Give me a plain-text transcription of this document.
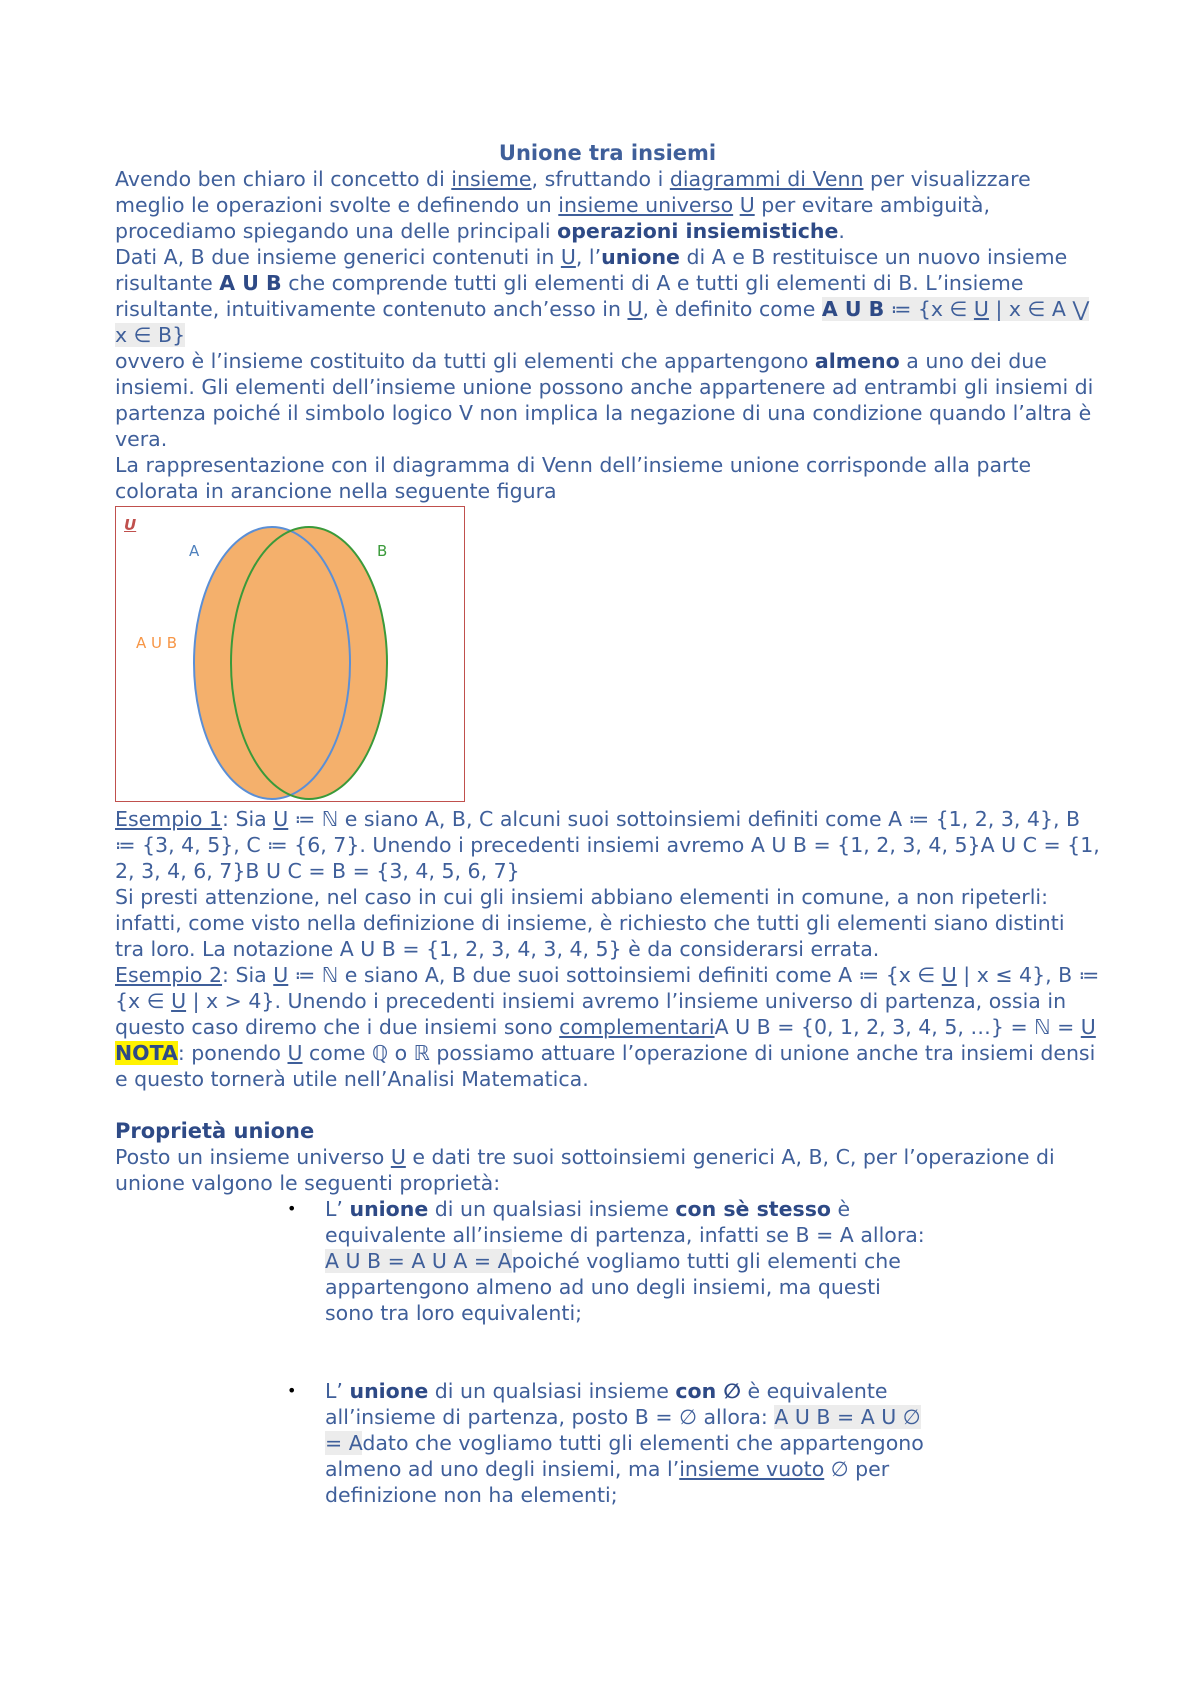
Unione tra insiemi

Avendo ben chiaro il concetto di insieme, sfruttando i diagrammi di Venn per visualizzare meglio le operazioni svolte e definendo un insieme universo U per evitare ambiguità, procediamo spiegando una delle principali operazioni insiemistiche.

Dati A, B due insieme generici contenuti in U, l’unione di A e B restituisce un nuovo insieme risultante A U B che comprende tutti gli elementi di A e tutti gli elementi di B. L’insieme risultante, intuitivamente contenuto anch’esso in U, è definito come A U B ≔ {x ∈ U | x ∈ A ⋁ x ∈ B}

ovvero è l’insieme costituito da tutti gli elementi che appartengono almeno a uno dei due insiemi. Gli elementi dell’insieme unione possono anche appartenere ad entrambi gli insiemi di partenza poiché il simbolo logico V non implica la negazione di una condizione quando l’altra è vera.

La rappresentazione con il diagramma di Venn dell’insieme unione corrisponde alla parte colorata in arancione nella seguente figura

U
A	B
A U B

Esempio 1: Sia U ≔ ℕ e siano A, B, C alcuni suoi sottoinsiemi definiti come A ≔ {1, 2, 3, 4}, B ≔ {3, 4, 5}, C ≔ {6, 7}. Unendo i precedenti insiemi avremo A U B = {1, 2, 3, 4, 5}A U C = {1, 2, 3, 4, 6, 7}B U C = B = {3, 4, 5, 6, 7}

Si presti attenzione, nel caso in cui gli insiemi abbiano elementi in comune, a non ripeterli: infatti, come visto nella definizione di insieme, è richiesto che tutti gli elementi siano distinti tra loro. La notazione A U B = {1, 2, 3, 4, 3, 4, 5} è da considerarsi errata.

Esempio 2: Sia U ≔ ℕ e siano A, B due suoi sottoinsiemi definiti come A ≔ {x ∈ U | x ≤ 4}, B ≔ {x ∈ U | x > 4}. Unendo i precedenti insiemi avremo l’insieme universo di partenza, ossia in questo caso diremo che i due insiemi sono complementariA U B = {0, 1, 2, 3, 4, 5, …} = ℕ = U

NOTA: ponendo U come ℚ o ℝ possiamo attuare l’operazione di unione anche tra insiemi densi e questo tornerà utile nell’Analisi Matematica.

Proprietà unione

Posto un insieme universo U e dati tre suoi sottoinsiemi generici A, B, C, per l’operazione di unione valgono le seguenti proprietà:

• L’ unione di un qualsiasi insieme con sè stesso è equivalente all’insieme di partenza, infatti se B = A allora: A U B = A U A = Apoiché vogliamo tutti gli elementi che appartengono almeno ad uno degli insiemi, ma questi sono tra loro equivalenti;
• L’ unione di un qualsiasi insieme con ∅ è equivalente all’insieme di partenza, posto B = ∅ allora: A U B = A U ∅ = Adato che vogliamo tutti gli elementi che appartengono almeno ad uno degli insiemi, ma l’insieme vuoto ∅ per definizione non ha elementi;
